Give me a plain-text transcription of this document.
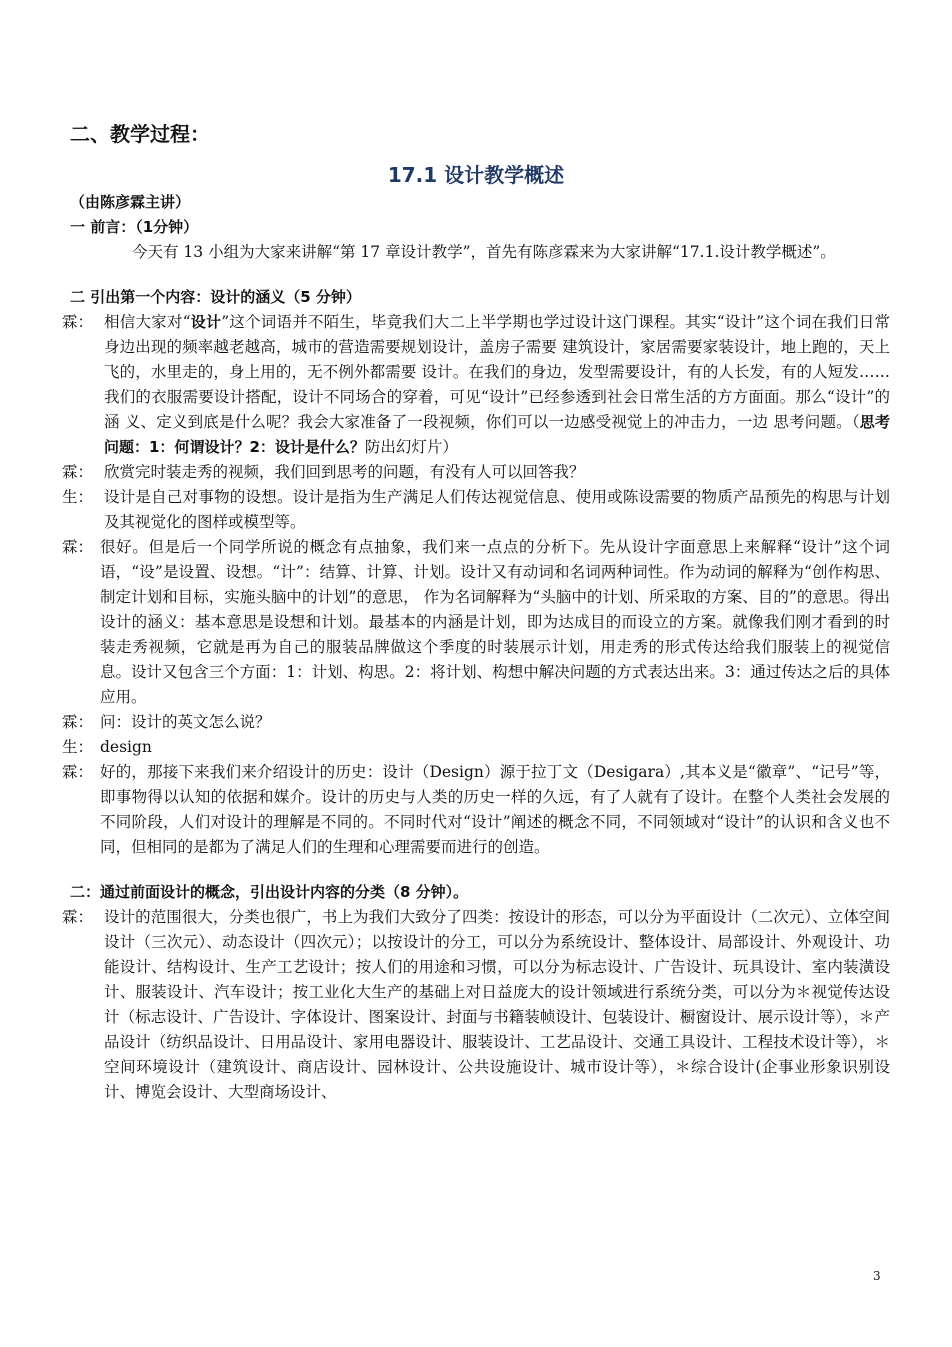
二、教学过程：
17.1 设计教学概述
（由陈彦霖主讲）
一 前言：（1分钟）

今天有 13 小组为大家来讲解“第 17 章设计教学”，首先有陈彦霖来为大家讲解“17.1.设计教学概述”。

二 引出第一个内容：设计的涵义（5 分钟）
霖： 相信大家对“设计”这个词语并不陌生，毕竟我们大二上半学期也学过设计这门课程。其实“设计”这个词在我们日常身边出现的频率越老越高，城市的营造需要规划设计，盖房子需要 建筑设计，家居需要家装设计，地上跑的，天上飞的，水里走的，身上用的，无不例外都需要 设计。在我们的身边，发型需要设计，有的人长发，有的人短发……我们的衣服需要设计搭配，设计不同场合的穿着，可见“设计”已经参透到社会日常生活的方方面面。那么“设计”的涵 义、定义到底是什么呢？我会大家准备了一段视频，你们可以一边感受视觉上的冲击力，一边 思考问题。（思考问题：1：何谓设计？2：设计是什么？防出幻灯片）
霖： 欣赏完时装走秀的视频，我们回到思考的问题，有没有人可以回答我？
生： 设计是自己对事物的设想。设计是指为生产满足人们传达视觉信息、使用或陈设需要的物质产品预先的构思与计划及其视觉化的图样或模型等。
霖： 很好。但是后一个同学所说的概念有点抽象，我们来一点点的分析下。先从设计字面意思上来解释“设计”这个词语，“设”是设置、设想。“计”：结算、计算、计划。设计又有动词和名词两种词性。作为动词的解释为“创作构思、制定计划和目标，实施头脑中的计划”的意思， 作为名词解释为“头脑中的计划、所采取的方案、目的”的意思。得出设计的涵义：基本意思是设想和计划。最基本的内涵是计划，即为达成目的而设立的方案。就像我们刚才看到的时装走秀视频，它就是再为自己的服装品牌做这个季度的时装展示计划，用走秀的形式传达给我们服装上的视觉信息。设计又包含三个方面：1：计划、构思。2：将计划、构想中解决问题的方式表达出来。3：通过传达之后的具体应用。
霖： 问：设计的英文怎么说？
生： design
霖： 好的，那接下来我们来介绍设计的历史：设计（Design）源于拉丁文（Desigara）,其本义是“徽章”、“记号”等，即事物得以认知的依据和媒介。设计的历史与人类的历史一样的久远，有了人就有了设计。在整个人类社会发展的不同阶段，人们对设计的理解是不同的。不同时代对“设计”阐述的概念不同，不同领域对“设计”的认识和含义也不同，但相同的是都为了满足人们的生理和心理需要而进行的创造。
二：通过前面设计的概念，引出设计内容的分类（8 分钟）。
霖： 设计的范围很大，分类也很广，书上为我们大致分了四类：按设计的形态，可以分为平面设计（二次元）、立体空间设计（三次元）、动态设计（四次元）；以按设计的分工，可以分为系统设计、整体设计、局部设计、外观设计、功能设计、结构设计、生产工艺设计；按人们的用途和习惯，可以分为标志设计、广告设计、玩具设计、室内装潢设计、服装设计、汽车设计；按工业化大生产的基础上对日益庞大的设计领域进行系统分类，可以分为＊视觉传达设计（标志设计、广告设计、字体设计、图案设计、封面与书籍装帧设计、包装设计、橱窗设计、展示设计等），＊产品设计（纺织品设计、日用品设计、家用电器设计、服装设计、工艺品设计、交通工具设计、工程技术设计等），＊空间环境设计（建筑设计、商店设计、园林设计、公共设施设计、城市设计等），＊综合设计(企事业形象识别设计、博览会设计、大型商场设计、
3
